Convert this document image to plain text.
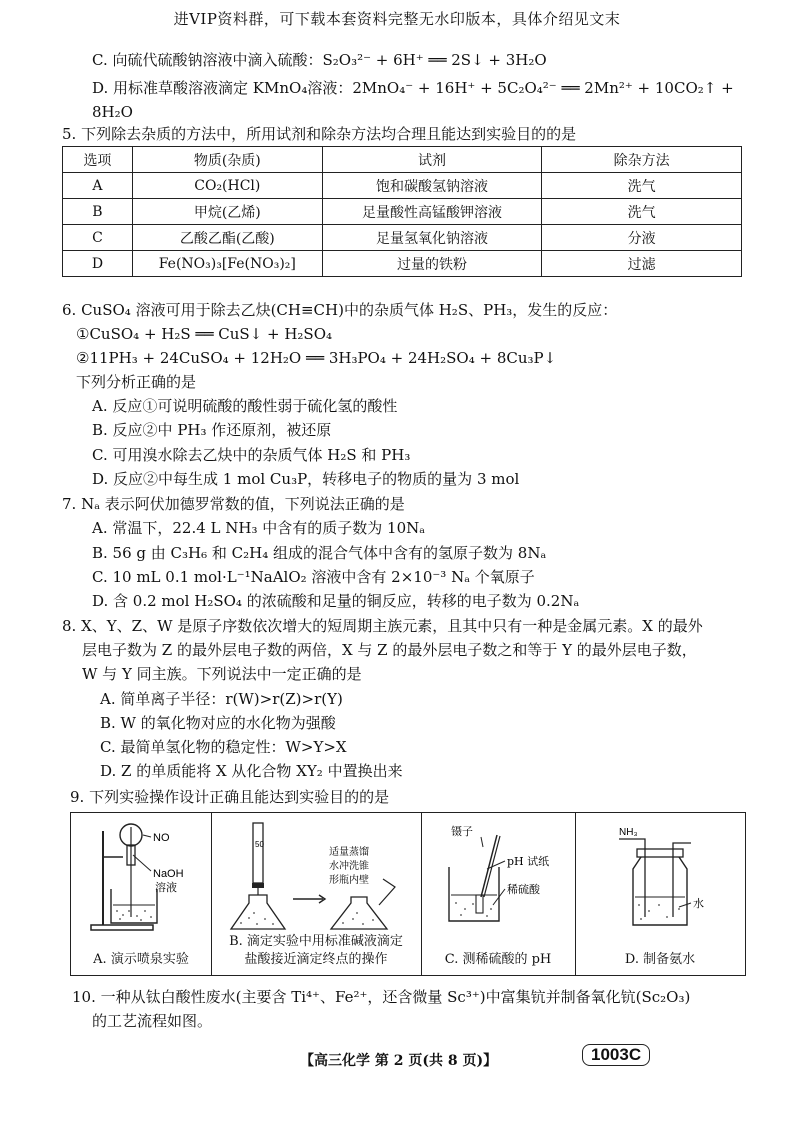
进VIP资料群，可下载本套资料完整无水印版本，具体介绍见文末
C. 向硫代硫酸钠溶液中滴入硫酸：S₂O₃²⁻ + 6H⁺ ══ 2S↓ + 3H₂O
D. 用标准草酸溶液滴定 KMnO₄溶液：2MnO₄⁻ + 16H⁺ + 5C₂O₄²⁻ ══ 2Mn²⁺ + 10CO₂↑ +
8H₂O
5. 下列除去杂质的方法中，所用试剂和除杂方法均合理且能达到实验目的的是
选项	物质(杂质)	试剂	除杂方法
A	CO₂(HCl)	饱和碳酸氢钠溶液	洗气
B	甲烷(乙烯)	足量酸性高锰酸钾溶液	洗气
C	乙酸乙酯(乙酸)	足量氢氧化钠溶液	分液
D	Fe(NO₃)₃[Fe(NO₃)₂]	过量的铁粉	过滤
6. CuSO₄ 溶液可用于除去乙炔(CH≡CH)中的杂质气体 H₂S、PH₃，发生的反应：
①CuSO₄ + H₂S ══ CuS↓ + H₂SO₄
②11PH₃ + 24CuSO₄ + 12H₂O ══ 3H₃PO₄ + 24H₂SO₄ + 8Cu₃P↓
下列分析正确的是
A. 反应①可说明硫酸的酸性弱于硫化氢的酸性
B. 反应②中 PH₃ 作还原剂，被还原
C. 可用溴水除去乙炔中的杂质气体 H₂S 和 PH₃
D. 反应②中每生成 1 mol Cu₃P，转移电子的物质的量为 3 mol
7. Nₐ 表示阿伏加德罗常数的值，下列说法正确的是
A. 常温下，22.4 L NH₃ 中含有的质子数为 10Nₐ
B. 56 g 由 C₃H₆ 和 C₂H₄ 组成的混合气体中含有的氢原子数为 8Nₐ
C. 10 mL 0.1 mol·L⁻¹NaAlO₂ 溶液中含有 2×10⁻³ Nₐ 个氧原子
D. 含 0.2 mol H₂SO₄ 的浓硫酸和足量的铜反应，转移的电子数为 0.2Nₐ
8. X、Y、Z、W 是原子序数依次增大的短周期主族元素，且其中只有一种是金属元素。X 的最外
层电子数为 Z 的最外层电子数的两倍，X 与 Z 的最外层电子数之和等于 Y 的最外层电子数，
W 与 Y 同主族。下列说法中一定正确的是
A. 简单离子半径：r(W)>r(Z)>r(Y)
B. W 的氧化物对应的水化物为强酸
C. 最简单氢化物的稳定性：W>Y>X
D. Z 的单质能将 X 从化合物 XY₂ 中置换出来
9. 下列实验操作设计正确且能达到实验目的的是
NO
NaOH
溶液
A. 演示喷泉实验
50
适量蒸馏
水冲洗锥
形瓶内壁
B. 滴定实验中用标准碱液滴定
盐酸接近滴定终点的操作
镊子
pH 试纸
稀硫酸
C. 测稀硫酸的 pH
NH₃
水
D. 制备氨水
10. 一种从钛白酸性废水(主要含 Ti⁴⁺、Fe²⁺，还含微量 Sc³⁺)中富集钪并制备氧化钪(Sc₂O₃)
的工艺流程如图。
【高三化学 第 2 页(共 8 页)】	1003C
